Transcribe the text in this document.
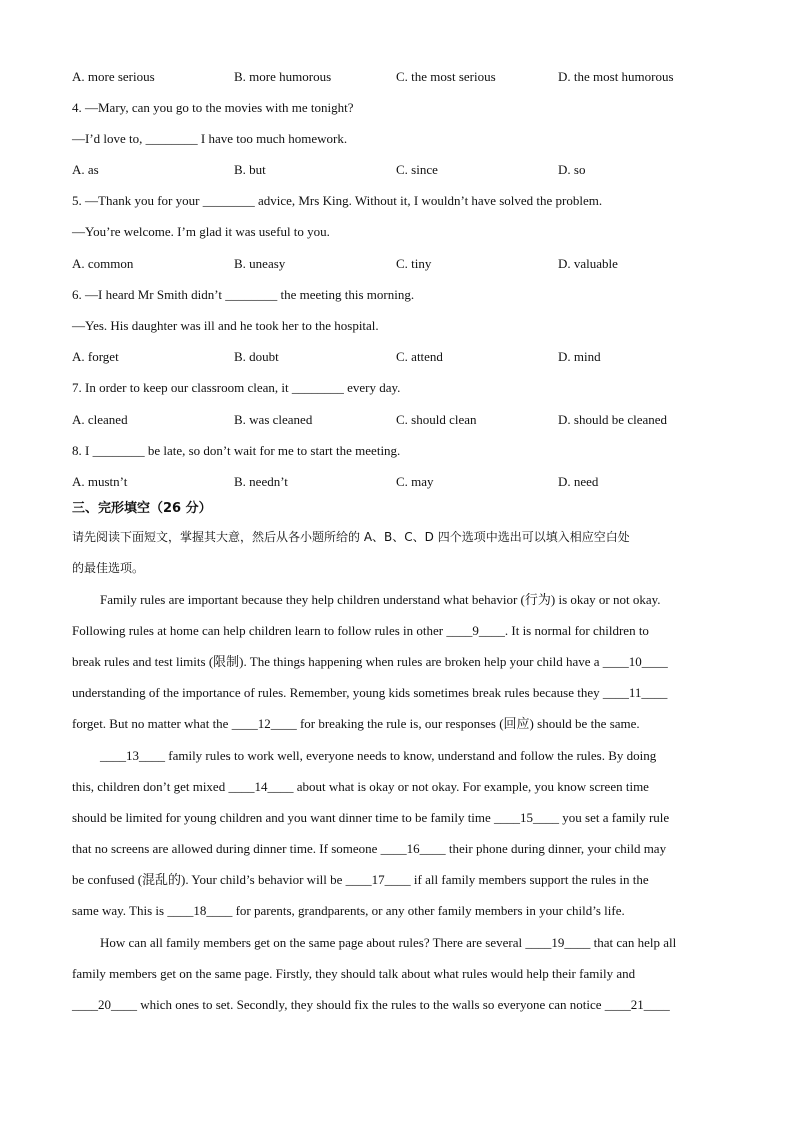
A. more serious	B. more humorous	C. the most serious	D. the most humorous
4. —Mary, can you go to the movies with me tonight?
—I’d love to, ________ I have too much homework.
A. as	B. but	C. since	D. so
5. —Thank you for your ________ advice, Mrs King. Without it, I wouldn’t have solved the problem.
—You’re welcome. I’m glad it was useful to you.
A. common	B. uneasy	C. tiny	D. valuable
6. —I heard Mr Smith didn’t ________ the meeting this morning.
—Yes. His daughter was ill and he took her to the hospital.
A. forget	B. doubt	C. attend	D. mind
7. In order to keep our classroom clean, it ________ every day.
A. cleaned	B. was cleaned	C. should clean	D. should be cleaned
8. I ________ be late, so don’t wait for me to start the meeting.
A. mustn’t	B. needn’t	C. may	D. need
三、完形填空（26 分）
请先阅读下面短文，掌握其大意，然后从各小题所给的 A、B、C、D 四个选项中选出可以填入相应空白处
的最佳选项。
Family rules are important because they help children understand what behavior (行为) is okay or not okay.
Following rules at home can help children learn to follow rules in other ____9____. It is normal for children to
break rules and test limits (限制). The things happening when rules are broken help your child have a ____10____
understanding of the importance of rules. Remember, young kids sometimes break rules because they ____11____
forget. But no matter what the ____12____ for breaking the rule is, our responses (回应) should be the same.
____13____ family rules to work well, everyone needs to know, understand and follow the rules. By doing
this, children don’t get mixed ____14____ about what is okay or not okay. For example, you know screen time
should be limited for young children and you want dinner time to be family time ____15____ you set a family rule
that no screens are allowed during dinner time. If someone ____16____ their phone during dinner, your child may
be confused (混乱的). Your child’s behavior will be ____17____ if all family members support the rules in the
same way. This is ____18____ for parents, grandparents, or any other family members in your child’s life.
How can all family members get on the same page about rules? There are several ____19____ that can help all
family members get on the same page. Firstly, they should talk about what rules would help their family and
____20____ which ones to set. Secondly, they should fix the rules to the walls so everyone can notice ____21____
